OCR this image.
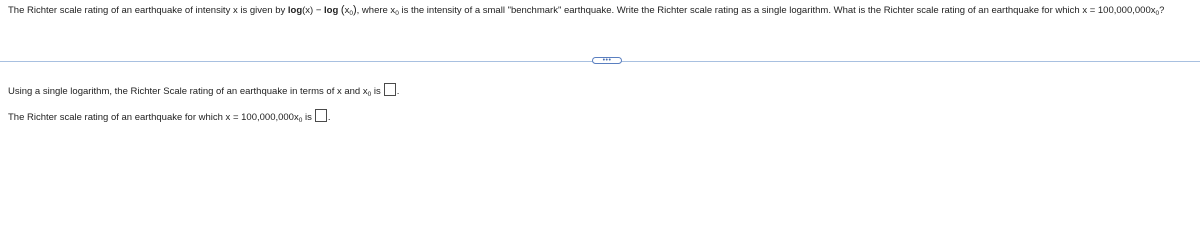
The Richter scale rating of an earthquake of intensity x is given by $\log(x) - \log (x_0)$, where $x_0$ is the intensity of a small "benchmark" earthquake. Write the Richter scale rating as a single logarithm. What is the Richter scale rating of an earthquake for which $x = 100,000,000x_0$?
•••
Using a single logarithm, the Richter Scale rating of an earthquake in terms of x and $x_0$ is .
The Richter scale rating of an earthquake for which $x = 100,000,000x_0$ is .
